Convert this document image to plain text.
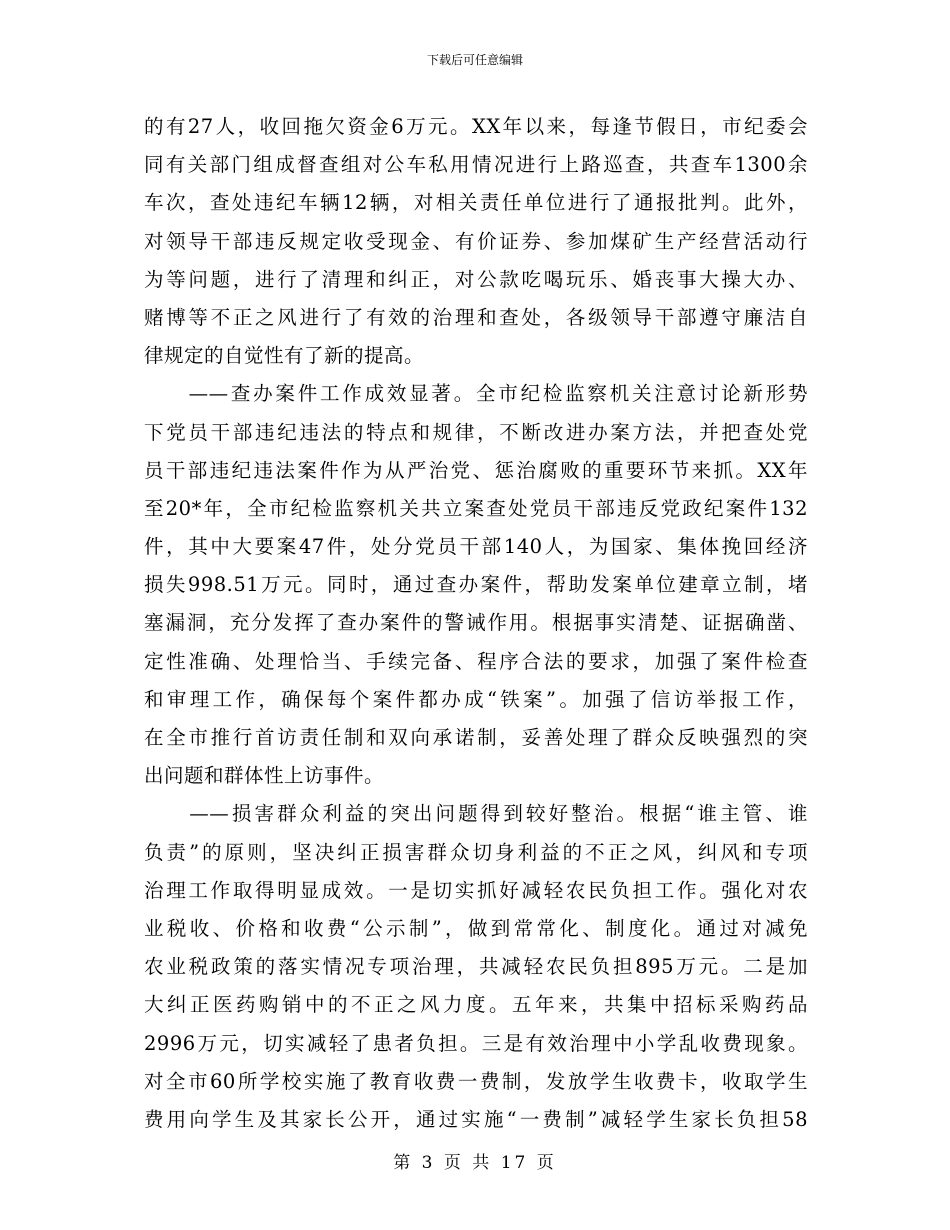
下载后可任意编辑
的有27人，收回拖欠资金6万元。XX年以来，每逢节假日，市纪委会
同有关部门组成督查组对公车私用情况进行上路巡查，共查车1300余
车次，查处违纪车辆12辆，对相关责任单位进行了通报批判。此外，
对领导干部违反规定收受现金、有价证券、参加煤矿生产经营活动行
为等问题，进行了清理和纠正，对公款吃喝玩乐、婚丧事大操大办、
赌博等不正之风进行了有效的治理和查处，各级领导干部遵守廉洁自
律规定的自觉性有了新的提高。
　　——查办案件工作成效显著。全市纪检监察机关注意讨论新形势
下党员干部违纪违法的特点和规律，不断改进办案方法，并把查处党
员干部违纪违法案件作为从严治党、惩治腐败的重要环节来抓。XX年
至20*年，全市纪检监察机关共立案查处党员干部违反党政纪案件132
件，其中大要案47件，处分党员干部140人，为国家、集体挽回经济
损失998.51万元。同时，通过查办案件，帮助发案单位建章立制，堵
塞漏洞，充分发挥了查办案件的警诫作用。根据事实清楚、证据确凿、
定性准确、处理恰当、手续完备、程序合法的要求，加强了案件检查
和审理工作，确保每个案件都办成“铁案”。加强了信访举报工作，
在全市推行首访责任制和双向承诺制，妥善处理了群众反映强烈的突
出问题和群体性上访事件。
　　——损害群众利益的突出问题得到较好整治。根据“谁主管、谁
负责”的原则，坚决纠正损害群众切身利益的不正之风，纠风和专项
治理工作取得明显成效。一是切实抓好减轻农民负担工作。强化对农
业税收、价格和收费“公示制”，做到常常化、制度化。通过对减免
农业税政策的落实情况专项治理，共减轻农民负担895万元。二是加
大纠正医药购销中的不正之风力度。五年来，共集中招标采购药品
2996万元，切实减轻了患者负担。三是有效治理中小学乱收费现象。
对全市60所学校实施了教育收费一费制，发放学生收费卡，收取学生
费用向学生及其家长公开，通过实施“一费制”减轻学生家长负担58
第 3 页 共 17 页
